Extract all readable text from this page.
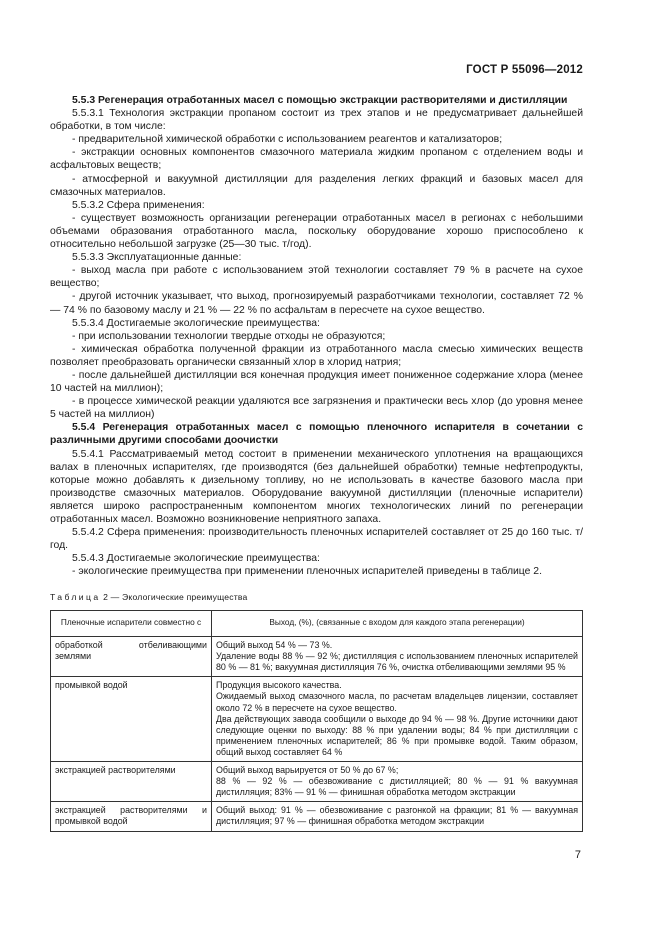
ГОСТ Р 55096—2012

5.5.3 Регенерация отработанных масел с помощью экстракции растворителями и дистилляции

5.5.3.1 Технология экстракции пропаном состоит из трех этапов и не предусматривает дальнейшей обработки, в том числе:

- предварительной химической обработки с использованием реагентов и катализаторов;

- экстракции основных компонентов смазочного материала жидким пропаном с отделением воды и асфальтовых веществ;

- атмосферной и вакуумной дистилляции для разделения легких фракций и базовых масел для смазочных материалов.

5.5.3.2 Сфера применения:

- существует возможность организации регенерации отработанных масел в регионах с небольшими объемами образования отработанного масла, поскольку оборудование хорошо приспособлено к относительно небольшой загрузке (25—30 тыс. т/год).

5.5.3.3 Эксплуатационные данные:

- выход масла при работе с использованием этой технологии составляет 79 % в расчете на сухое вещество;

- другой источник указывает, что выход, прогнозируемый разработчиками технологии, составляет 72 % — 74 % по базовому маслу и 21 % — 22 % по асфальтам в пересчете на сухое вещество.

5.5.3.4 Достигаемые экологические преимущества:

- при использовании технологии твердые отходы не образуются;

- химическая обработка полученной фракции из отработанного масла смесью химических веществ позволяет преобразовать органически связанный хлор в хлорид натрия;

- после дальнейшей дистилляции вся конечная продукция имеет пониженное содержание хлора (менее 10 частей на миллион);

- в процессе химической реакции удаляются все загрязнения и практически весь хлор (до уровня менее 5 частей на миллион)

5.5.4 Регенерация отработанных масел с помощью пленочного испарителя в сочетании с различными другими способами доочистки

5.5.4.1 Рассматриваемый метод состоит в применении механического уплотнения на вращающихся валах в пленочных испарителях, где производятся (без дальнейшей обработки) темные нефтепродукты, которые можно добавлять к дизельному топливу, но не использовать в качестве базового масла при производстве смазочных материалов. Оборудование вакуумной дистилляции (пленочные испарители) является широко распространенным компонентом многих технологических линий по регенерации отработанных масел. Возможно возникновение неприятного запаха.

5.5.4.2 Сфера применения: производительность пленочных испарителей составляет от 25 до 160 тыс. т/год.

5.5.4.3 Достигаемые экологические преимущества:

- экологические преимущества при применении пленочных испарителей приведены в таблице 2.

Таблица 2 — Экологические преимущества
Пленочные испарители совместно с	Выход, (%), (связанные с входом для каждого этапа регенерации)
обработкой отбеливающими землями	Общий выход 54 % — 73 %.
Удаление воды 88 % — 92 %; дистилляция с использованием пленочных испарителей 80 % — 81 %; вакуумная дистилляция 76 %, очистка отбеливающими землями 95 %

промывкой водой	Продукция высокого качества.
Ожидаемый выход смазочного масла, по расчетам владельцев лицензии, составляет около 72 % в пересчете на сухое вещество.
Два действующих завода сообщили о выходе до 94 % — 98 %. Другие источники дают следующие оценки по выходу: 88 % при удалении воды; 84 % при дистилляции с применением пленочных испарителей; 86 % при промывке водой. Таким образом, общий выход составляет 64 %

экстракцией растворителями	Общий выход варьируется от 50 % до 67 %;
88 % — 92 % — обезвоживание с дистилляцией; 80 % — 91 % вакуумная дистилляция; 83% — 91 % — финишная обработка методом экстракции

экстракцией растворителями и промывкой водой	Общий выход: 91 % — обезвоживание с разгонкой на фракции; 81 % — вакуумная дистилляция; 97 % — финишная обработка методом экстракции
7
